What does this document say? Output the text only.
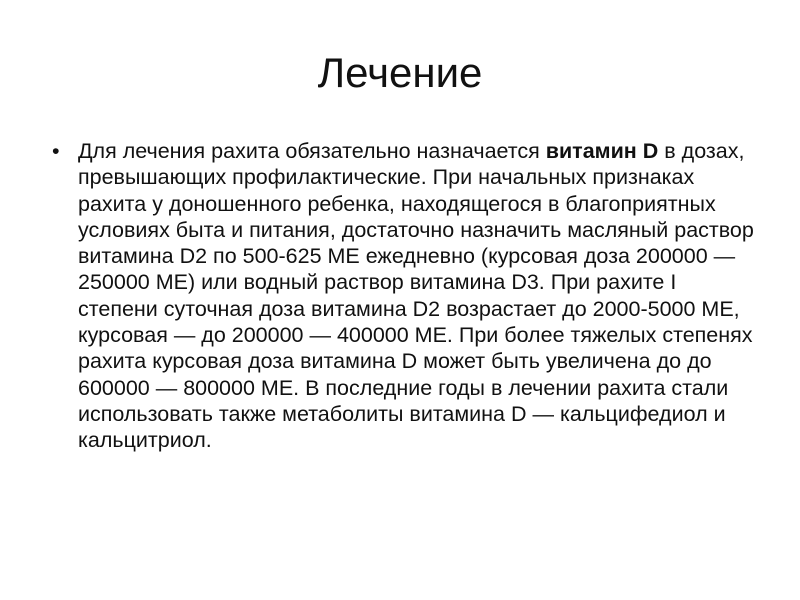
Лечение
• Для лечения рахита обязательно назначается витамин D в дозах, превышающих профилактические. При начальных признаках рахита у доношенного ребенка, находящегося в благоприятных условиях быта и питания, достаточно назначить масляный раствор витамина D2 по 500-625 МЕ ежедневно (курсовая доза 200000 — 250000 МЕ) или водный раствор витамина D3. При рахите I степени суточная доза витамина D2 возрастает до 2000-5000 МЕ, курсовая — до 200000 — 400000 МЕ. При более тяжелых степенях рахита курсовая доза витамина D может быть увеличена до до 600000 — 800000 МЕ. В последние годы в лечении рахита стали использовать также метаболиты витамина D — кальцифедиол и кальцитриол.
